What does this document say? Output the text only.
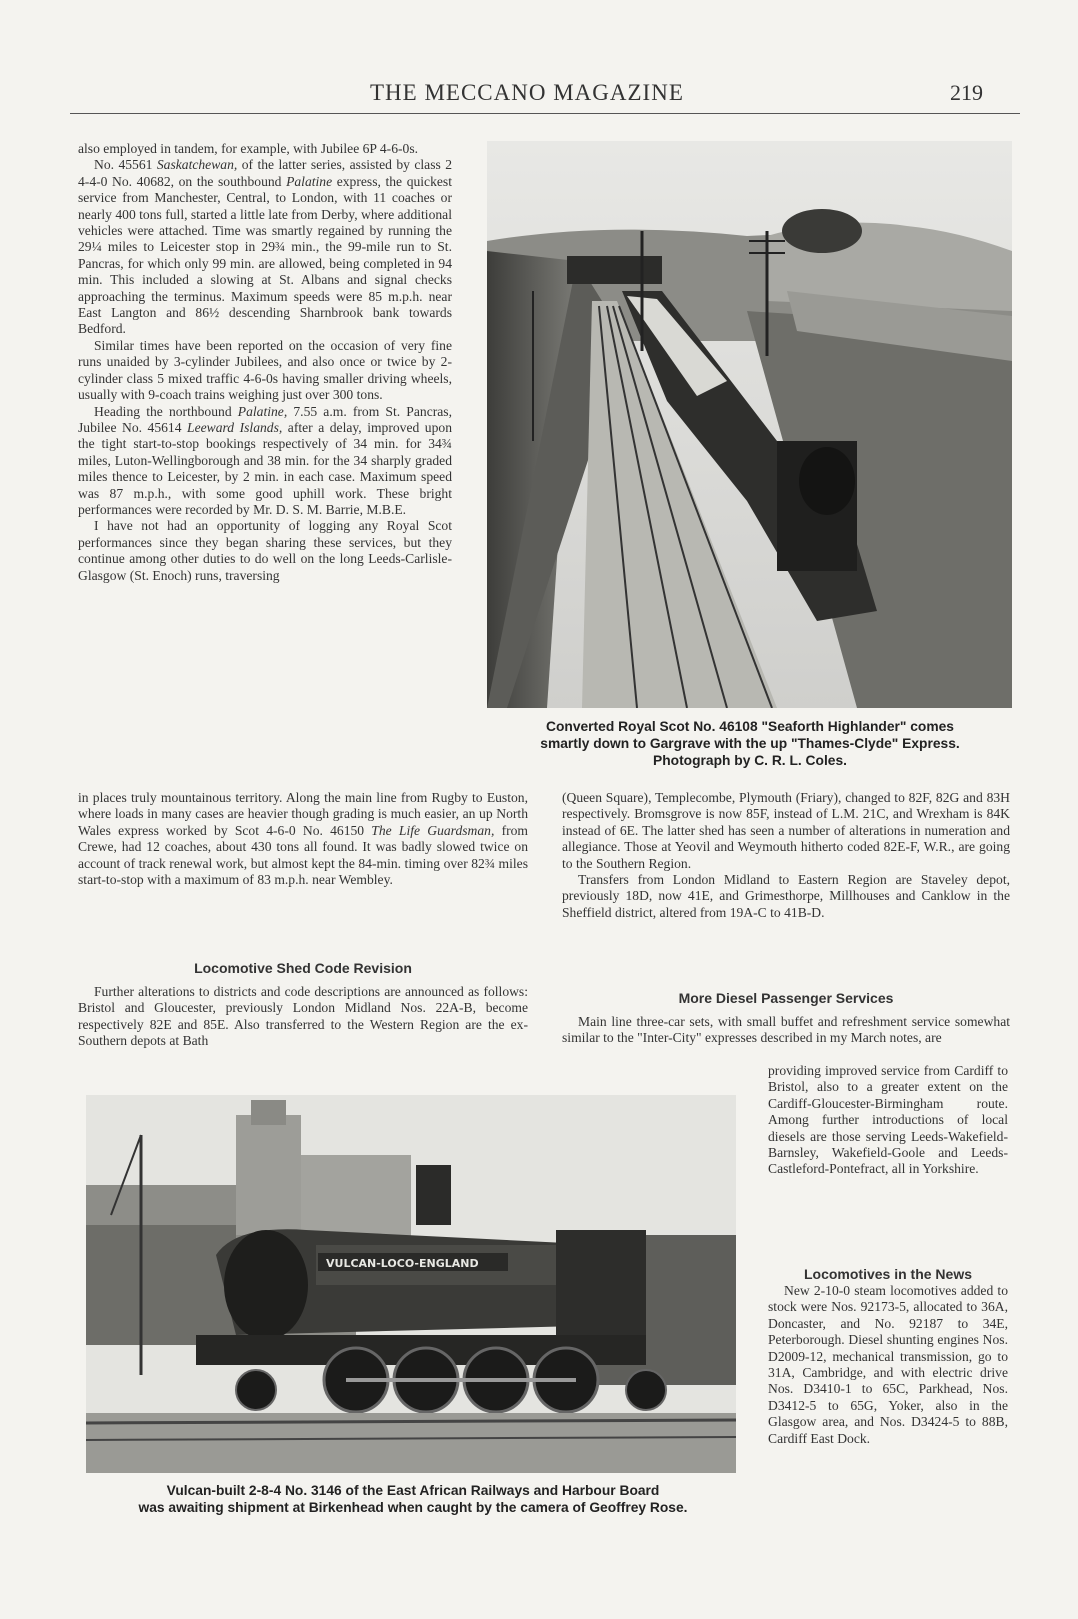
THE MECCANO MAGAZINE	219

also employed in tandem, for example, with Jubilee 6P 4-6-0s.

No. 45561 Saskatchewan, of the latter series, assisted by class 2 4-4-0 No. 40682, on the southbound Palatine express, the quickest service from Manchester, Central, to London, with 11 coaches or nearly 400 tons full, started a little late from Derby, where additional vehicles were attached. Time was smartly regained by running the 29¼ miles to Leicester stop in 29¾ min., the 99-mile run to St. Pancras, for which only 99 min. are allowed, being completed in 94 min. This included a slowing at St. Albans and signal checks approaching the terminus. Maximum speeds were 85 m.p.h. near East Langton and 86½ descending Sharnbrook bank towards Bedford.

Similar times have been reported on the occasion of very fine runs unaided by 3-cylinder Jubilees, and also once or twice by 2-cylinder class 5 mixed traffic 4-6-0s having smaller driving wheels, usually with 9-coach trains weighing just over 300 tons.

Heading the northbound Palatine, 7.55 a.m. from St. Pancras, Jubilee No. 45614 Leeward Islands, after a delay, improved upon the tight start-to-stop bookings respectively of 34 min. for 34¾ miles, Luton-Wellingborough and 38 min. for the 34 sharply graded miles thence to Leicester, by 2 min. in each case. Maximum speed was 87 m.p.h., with some good uphill work. These bright performances were recorded by Mr. D. S. M. Barrie, M.B.E.

I have not had an opportunity of logging any Royal Scot performances since they began sharing these services, but they continue among other duties to do well on the long Leeds-Carlisle-Glasgow (St. Enoch) runs, traversing

in places truly mountainous territory. Along the main line from Rugby to Euston, where loads in many cases are heavier though grading is much easier, an up North Wales express worked by Scot 4-6-0 No. 46150 The Life Guardsman, from Crewe, had 12 coaches, about 430 tons all found. It was badly slowed twice on account of track renewal work, but almost kept the 84-min. timing over 82¾ miles start-to-stop with a maximum of 83 m.p.h. near Wembley.

Locomotive Shed Code Revision

Further alterations to districts and code descriptions are announced as follows: Bristol and Gloucester, previously London Midland Nos. 22A-B, become respectively 82E and 85E. Also transferred to the Western Region are the ex-Southern depots at Bath

Converted Royal Scot No. 46108 "Seaforth Highlander" comes
smartly down to Gargrave with the up "Thames-Clyde" Express.
Photograph by C. R. L. Coles.

(Queen Square), Templecombe, Plymouth (Friary), changed to 82F, 82G and 83H respectively. Bromsgrove is now 85F, instead of L.M. 21C, and Wrexham is 84K instead of 6E. The latter shed has seen a number of alterations in numeration and allegiance. Those at Yeovil and Weymouth hitherto coded 82E-F, W.R., are going to the Southern Region.

Transfers from London Midland to Eastern Region are Staveley depot, previously 18D, now 41E, and Grimesthorpe, Millhouses and Canklow in the Sheffield district, altered from 19A-C to 41B-D.

More Diesel Passenger Services

Main line three-car sets, with small buffet and refreshment service somewhat similar to the "Inter-City" expresses described in my March notes, are

providing improved service from Cardiff to Bristol, also to a greater extent on the Cardiff-Gloucester-Birmingham route. Among further introductions of local diesels are those serving Leeds-Wakefield-Barnsley, Wakefield-Goole and Leeds-Castleford-Pontefract, all in Yorkshire.

Locomotives in the News

New 2-10-0 steam locomotives added to stock were Nos. 92173-5, allocated to 36A, Doncaster, and No. 92187 to 34E, Peterborough. Diesel shunting engines Nos. D2009-12, mechanical transmission, go to 31A, Cambridge, and with electric drive Nos. D3410-1 to 65C, Parkhead, Nos. D3412-5 to 65G, Yoker, also in the Glasgow area, and Nos. D3424-5 to 88B, Cardiff East Dock.

VULCAN-LOCO-ENGLAND
Vulcan-built 2-8-4 No. 3146 of the East African Railways and Harbour Board
was awaiting shipment at Birkenhead when caught by the camera of Geoffrey Rose.
